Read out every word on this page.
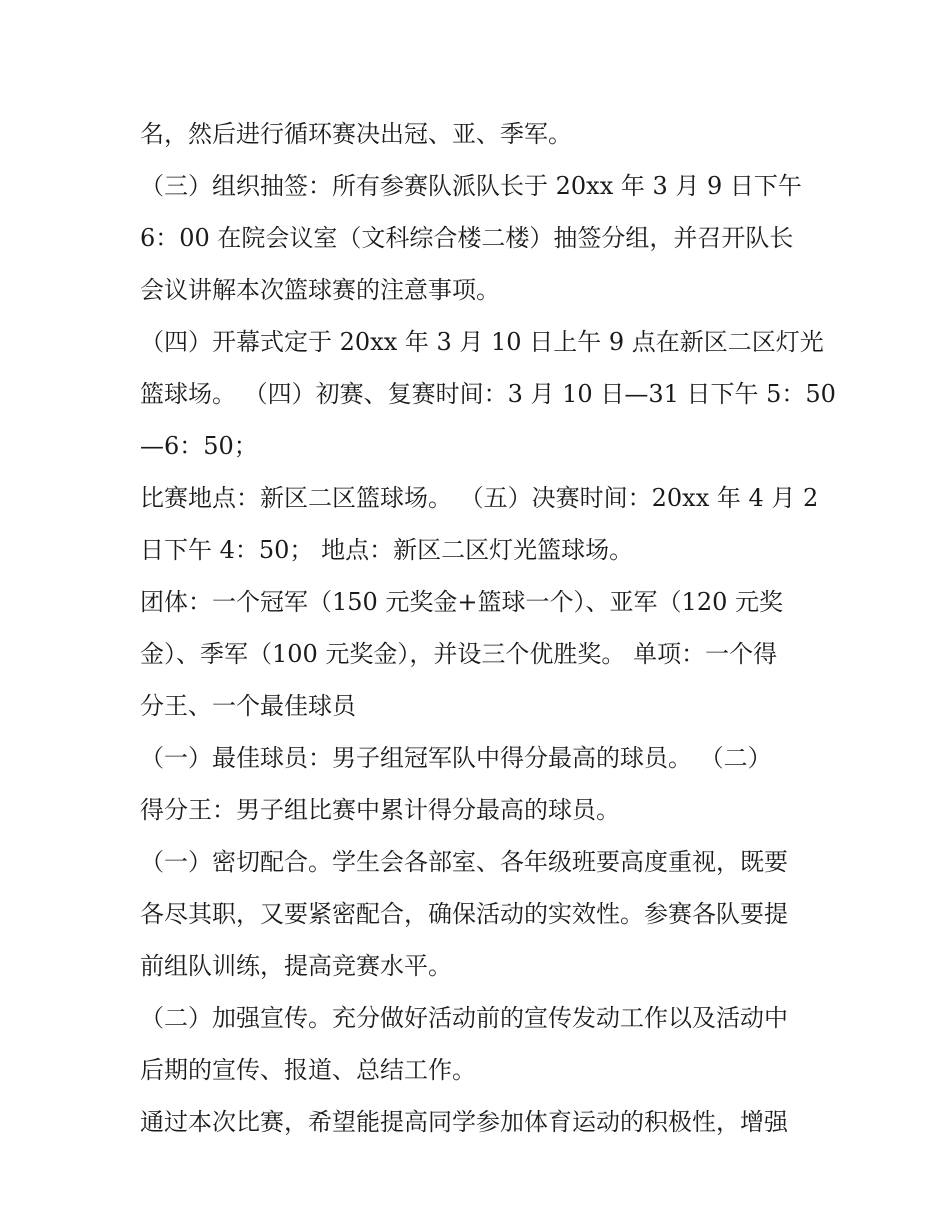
名，然后进行循环赛决出冠、亚、季军。
（三）组织抽签：所有参赛队派队长于 20xx 年 3 月 9 日下午
6：00 在院会议室（文科综合楼二楼）抽签分组，并召开队长
会议讲解本次篮球赛的注意事项。
（四）开幕式定于 20xx 年 3 月 10 日上午 9 点在新区二区灯光
篮球场。 （四）初赛、复赛时间：3 月 10 日—31 日下午 5：50
—6：50；
比赛地点：新区二区篮球场。 （五）决赛时间：20xx 年 4 月 2
日下午 4：50； 地点：新区二区灯光篮球场。
团体：一个冠军（150 元奖金+篮球一个）、亚军（120 元奖
金）、季军（100 元奖金），并设三个优胜奖。 单项：一个得
分王、一个最佳球员
（一）最佳球员：男子组冠军队中得分最高的球员。 （二）
得分王：男子组比赛中累计得分最高的球员。
（一）密切配合。学生会各部室、各年级班要高度重视，既要
各尽其职，又要紧密配合，确保活动的实效性。参赛各队要提
前组队训练，提高竞赛水平。
（二）加强宣传。充分做好活动前的宣传发动工作以及活动中
后期的宣传、报道、总结工作。
通过本次比赛，希望能提高同学参加体育运动的积极性，增强
